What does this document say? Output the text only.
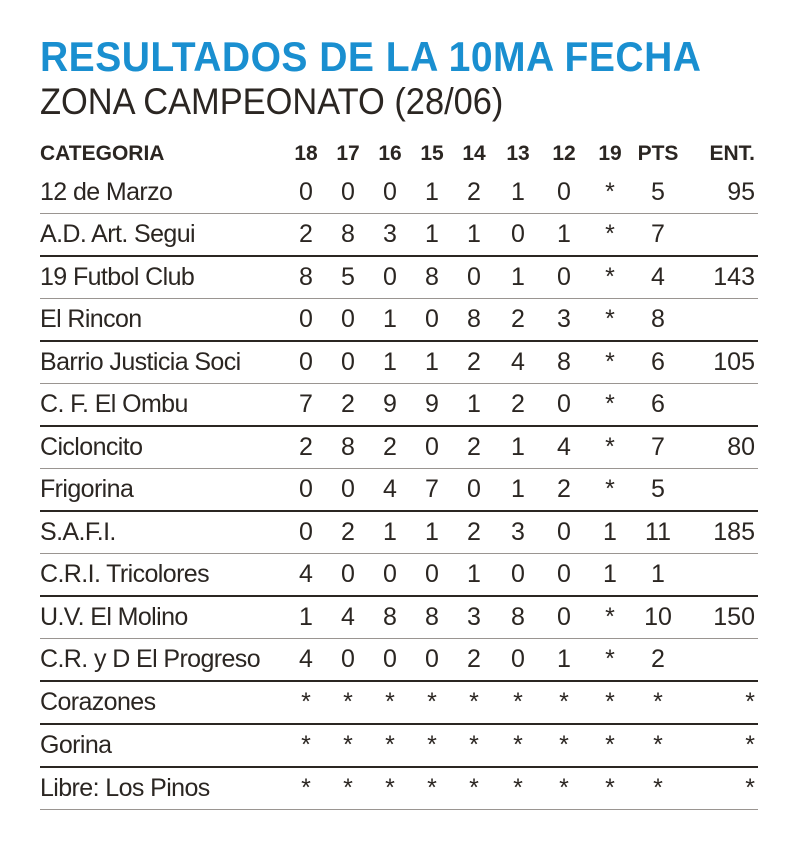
RESULTADOS DE LA 10MA FECHA
ZONA CAMPEONATO (28/06)
CATEGORIA	18	17	16	15	14	13	12	19	PTS	ENT.
12 de Marzo	0	0	0	1	2	1	0	*	5	95
A.D. Art. Segui	2	8	3	1	1	0	1	*	7	
19 Futbol Club	8	5	0	8	0	1	0	*	4	143
El Rincon	0	0	1	0	8	2	3	*	8	
Barrio Justicia Soci	0	0	1	1	2	4	8	*	6	105
C. F. El Ombu	7	2	9	9	1	2	0	*	6	
Cicloncito	2	8	2	0	2	1	4	*	7	80
Frigorina	0	0	4	7	0	1	2	*	5	
S.A.F.I.	0	2	1	1	2	3	0	1	11	185
C.R.I. Tricolores	4	0	0	0	1	0	0	1	1	
U.V. El Molino	1	4	8	8	3	8	0	*	10	150
C.R. y D El Progreso	4	0	0	0	2	0	1	*	2	
Corazones	*	*	*	*	*	*	*	*	*	*
Gorina	*	*	*	*	*	*	*	*	*	*
Libre: Los Pinos	*	*	*	*	*	*	*	*	*	*
